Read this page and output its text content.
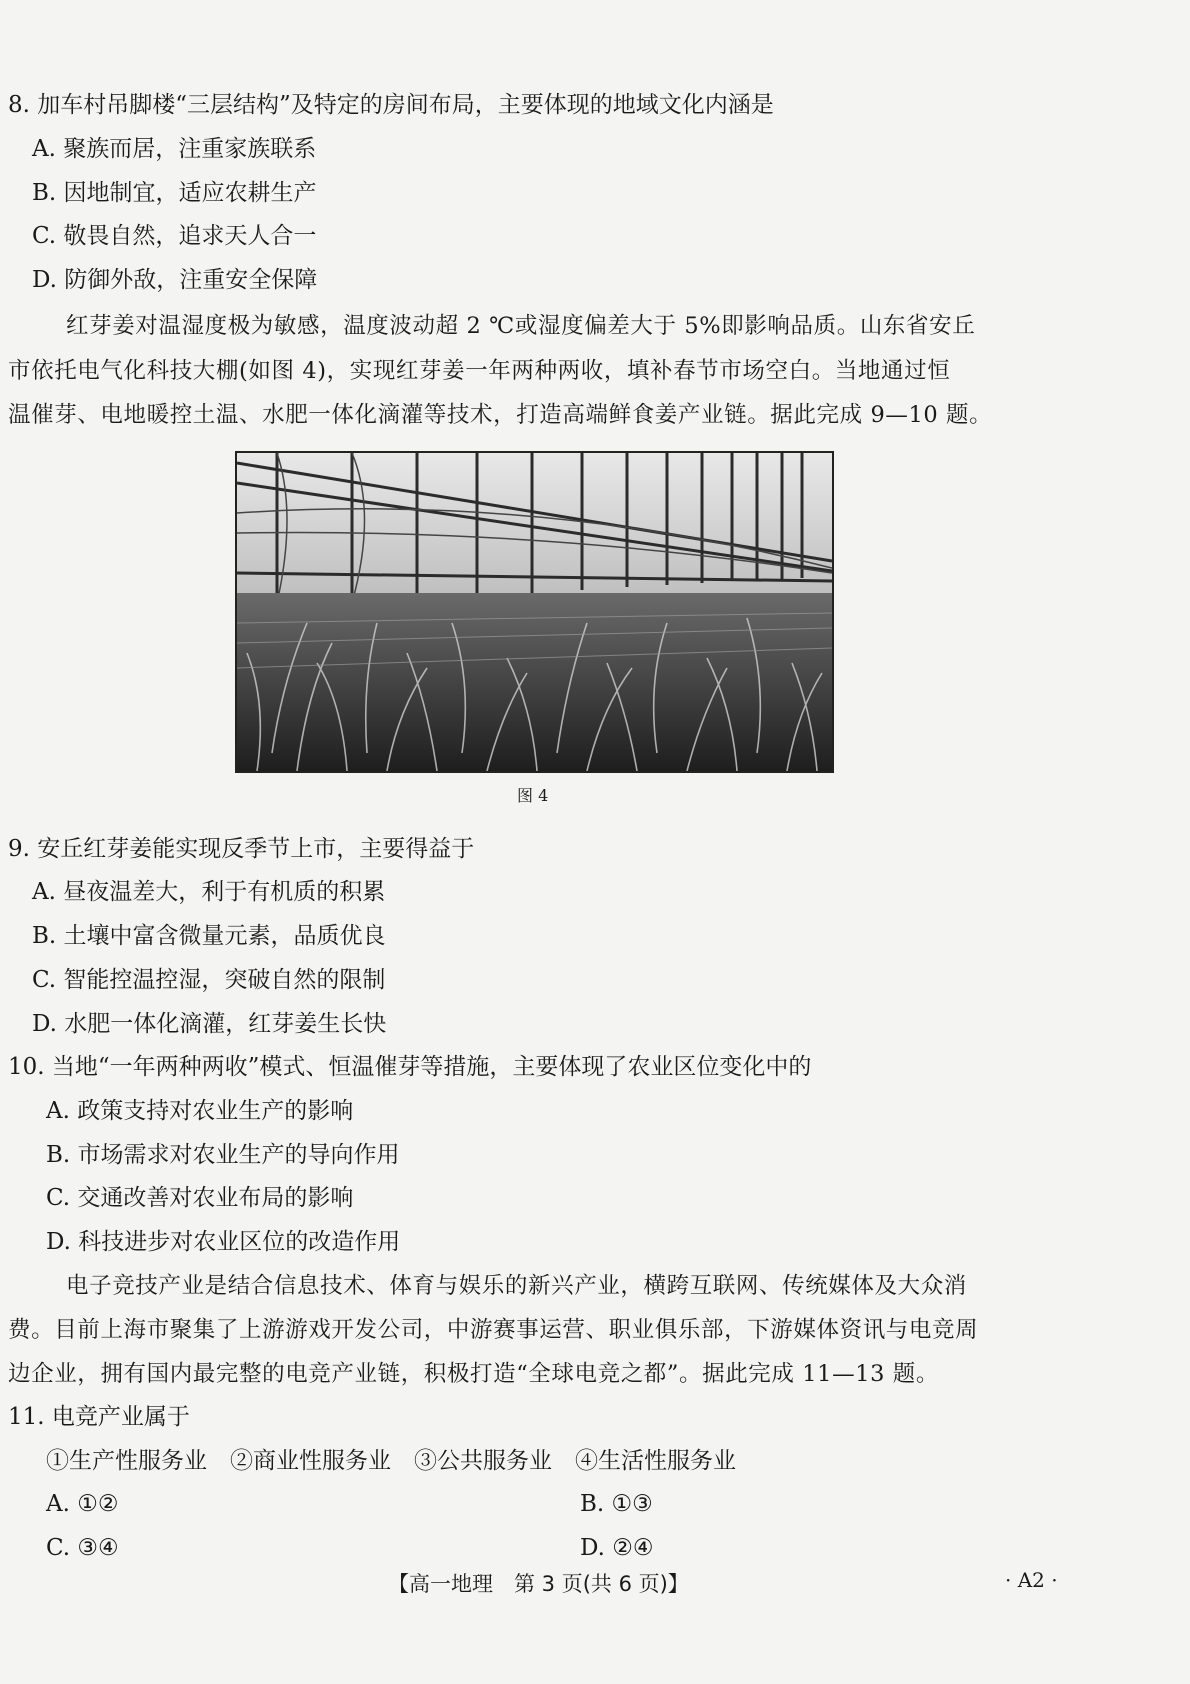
8. 加车村吊脚楼“三层结构”及特定的房间布局，主要体现的地域文化内涵是
A. 聚族而居，注重家族联系
B. 因地制宜，适应农耕生产
C. 敬畏自然，追求天人合一
D. 防御外敌，注重安全保障
红芽姜对温湿度极为敏感，温度波动超 2 ℃或湿度偏差大于 5%即影响品质。山东省安丘
市依托电气化科技大棚(如图 4)，实现红芽姜一年两种两收，填补春节市场空白。当地通过恒
温催芽、电地暖控土温、水肥一体化滴灌等技术，打造高端鲜食姜产业链。据此完成 9—10 题。
图 4
9. 安丘红芽姜能实现反季节上市，主要得益于
A. 昼夜温差大，利于有机质的积累
B. 土壤中富含微量元素，品质优良
C. 智能控温控湿，突破自然的限制
D. 水肥一体化滴灌，红芽姜生长快
10. 当地“一年两种两收”模式、恒温催芽等措施，主要体现了农业区位变化中的
A. 政策支持对农业生产的影响
B. 市场需求对农业生产的导向作用
C. 交通改善对农业布局的影响
D. 科技进步对农业区位的改造作用
电子竞技产业是结合信息技术、体育与娱乐的新兴产业，横跨互联网、传统媒体及大众消
费。目前上海市聚集了上游游戏开发公司，中游赛事运营、职业俱乐部，下游媒体资讯与电竞周
边企业，拥有国内最完整的电竞产业链，积极打造“全球电竞之都”。据此完成 11—13 题。
11. 电竞产业属于
①生产性服务业　②商业性服务业　③公共服务业　④生活性服务业
A. ①②	B. ①③
C. ③④	D. ②④
【高一地理　第 3 页(共 6 页)】	· A2 ·
